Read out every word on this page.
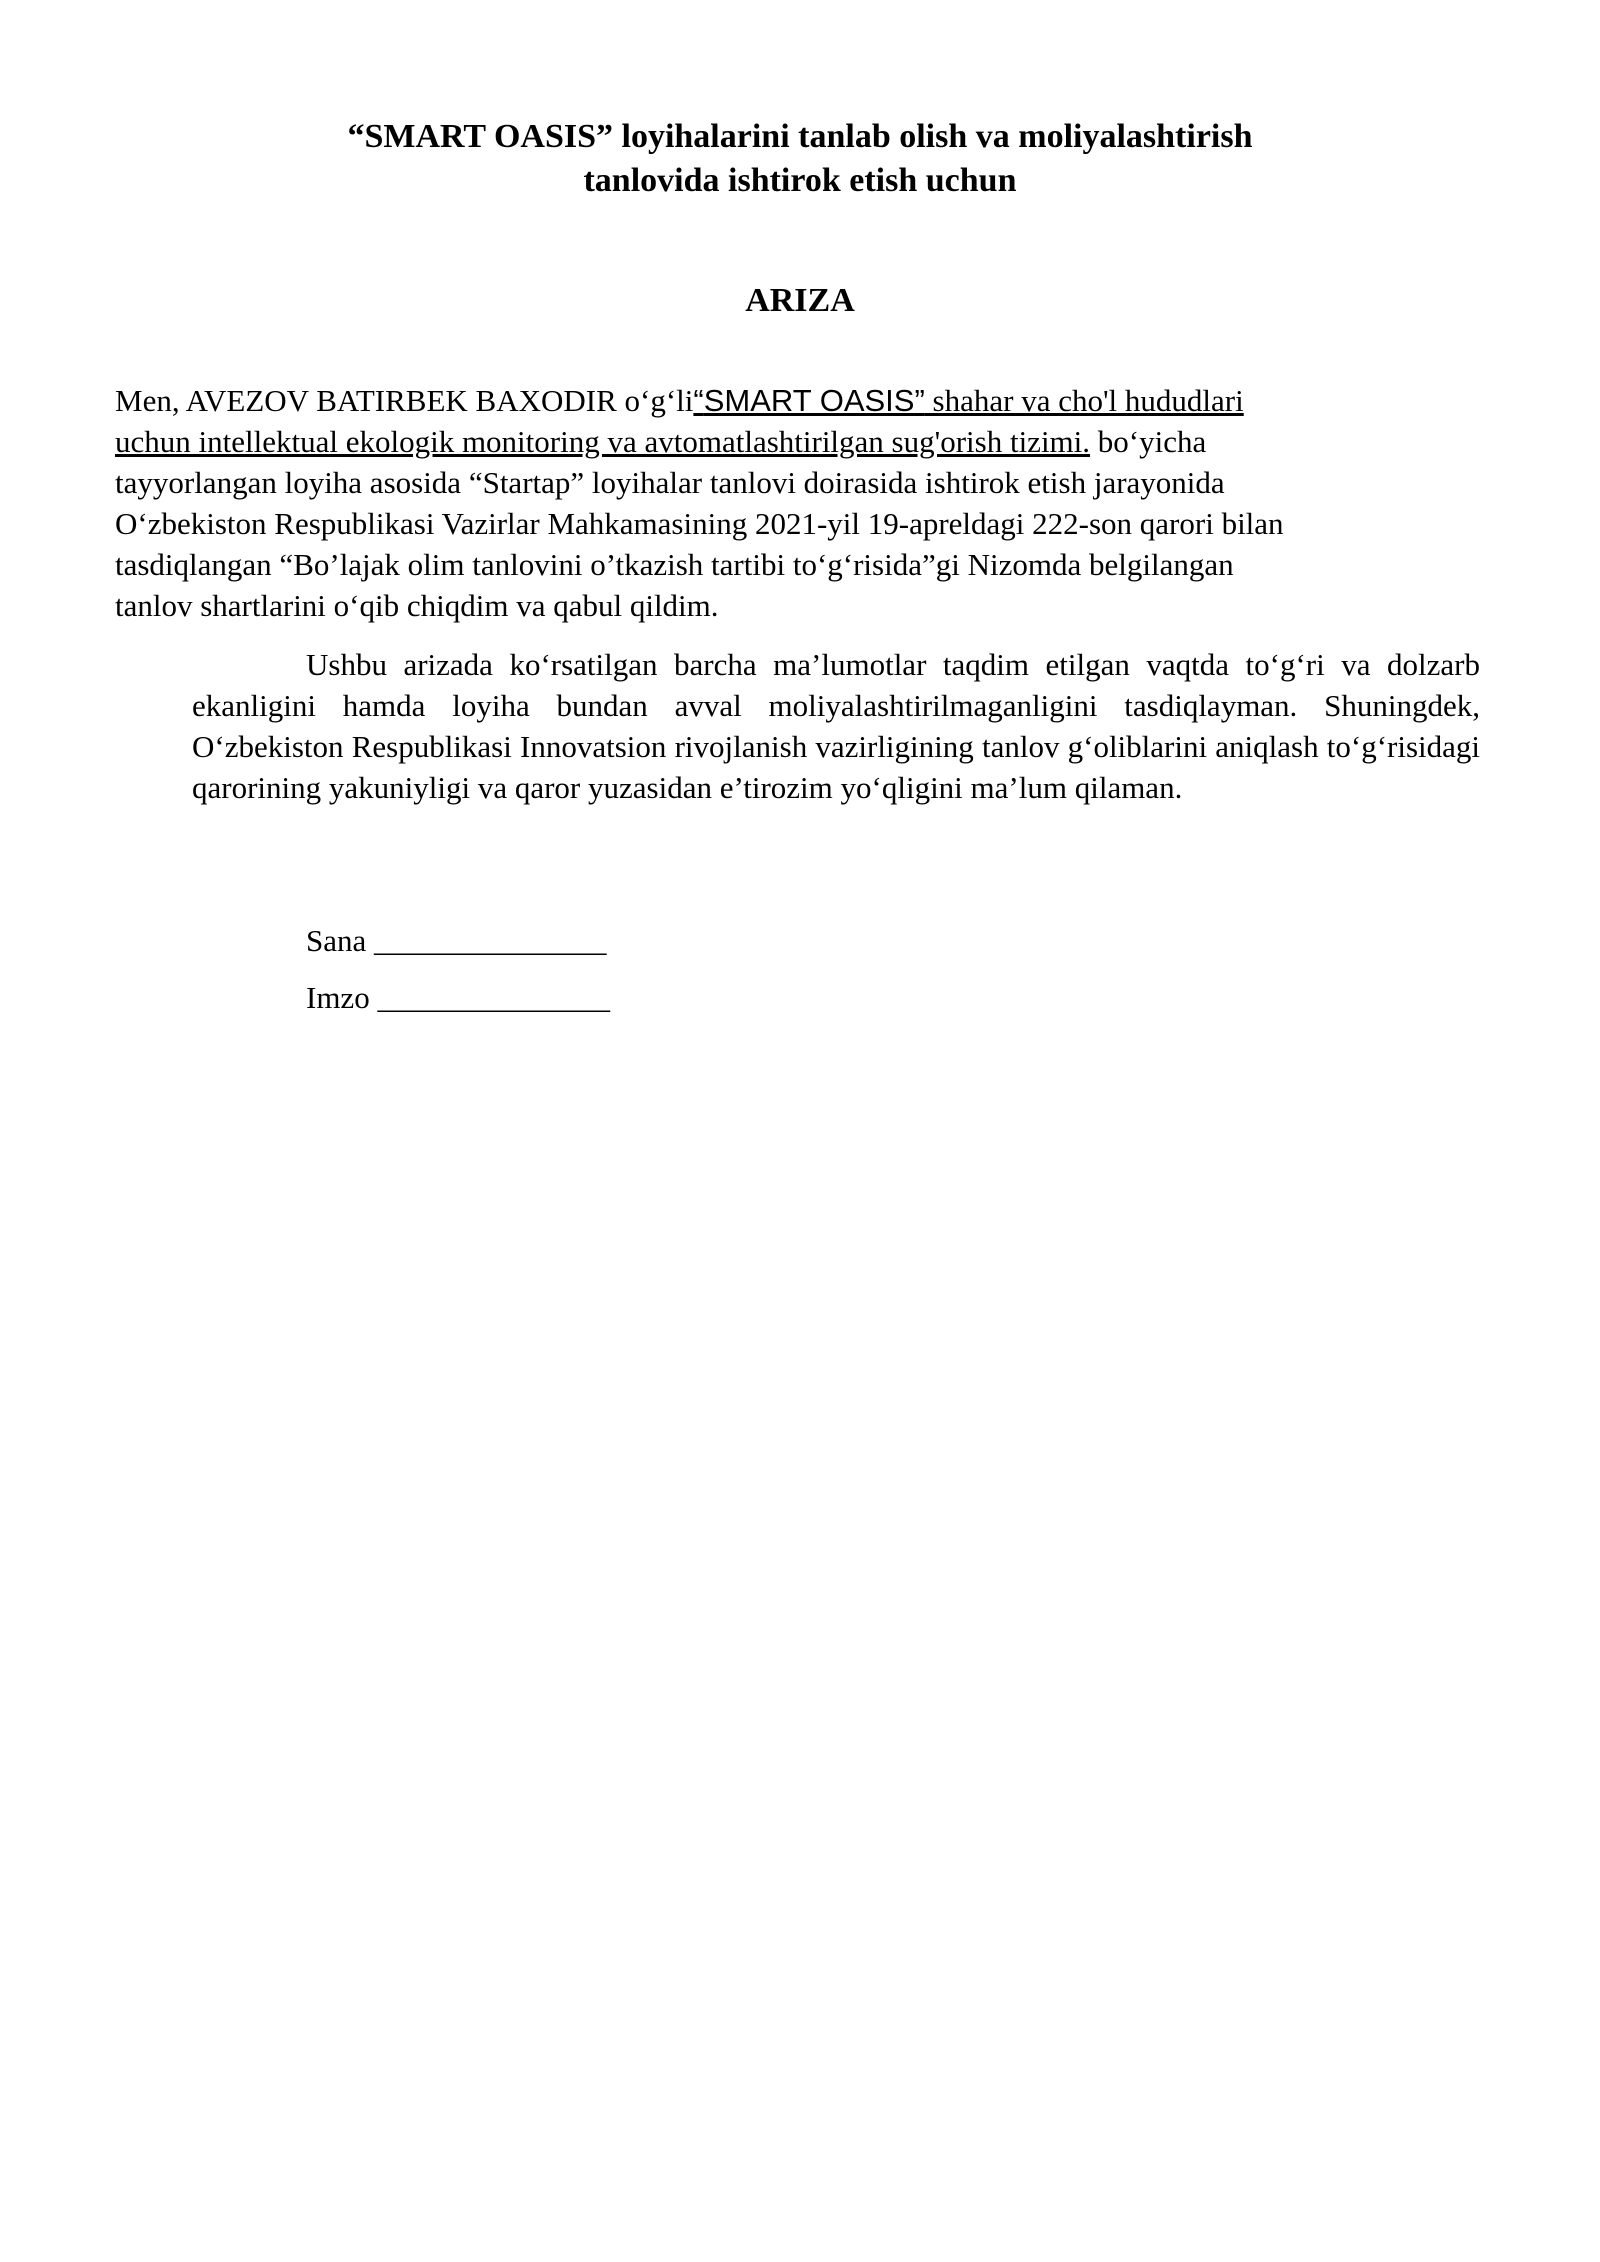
“SMART OASIS” loyihalarini tanlab olish va moliyalashtirish
tanlovida ishtirok etish uchun
ARIZA
Men, AVEZOV BATIRBEK BAXODIR o‘g‘li“SMART OASIS” shahar va cho'l hududlari
uchun intellektual ekologik monitoring va avtomatlashtirilgan sug'orish tizimi. bo‘yicha
tayyorlangan loyiha asosida “Startap” loyihalar tanlovi doirasida ishtirok etish jarayonida
O‘zbekiston Respublikasi Vazirlar Mahkamasining 2021-yil 19-apreldagi 222-son qarori bilan
tasdiqlangan “Bo’lajak olim tanlovini o’tkazish tartibi to‘g‘risida”gi Nizomda belgilangan
tanlov shartlarini o‘qib chiqdim va qabul qildim.
Ushbu arizada ko‘rsatilgan barcha ma’lumotlar taqdim etilgan vaqtda to‘g‘ri va dolzarb ekanligini hamda loyiha bundan avval moliyalashtirilmaganligini tasdiqlayman. Shuningdek, O‘zbekiston Respublikasi Innovatsion rivojlanish vazirligining tanlov g‘oliblarini aniqlash to‘g‘risidagi qarorining yakuniyligi va qaror yuzasidan e’tirozim yo‘qligini ma’lum qilaman.
Sana _______________
Imzo _______________
